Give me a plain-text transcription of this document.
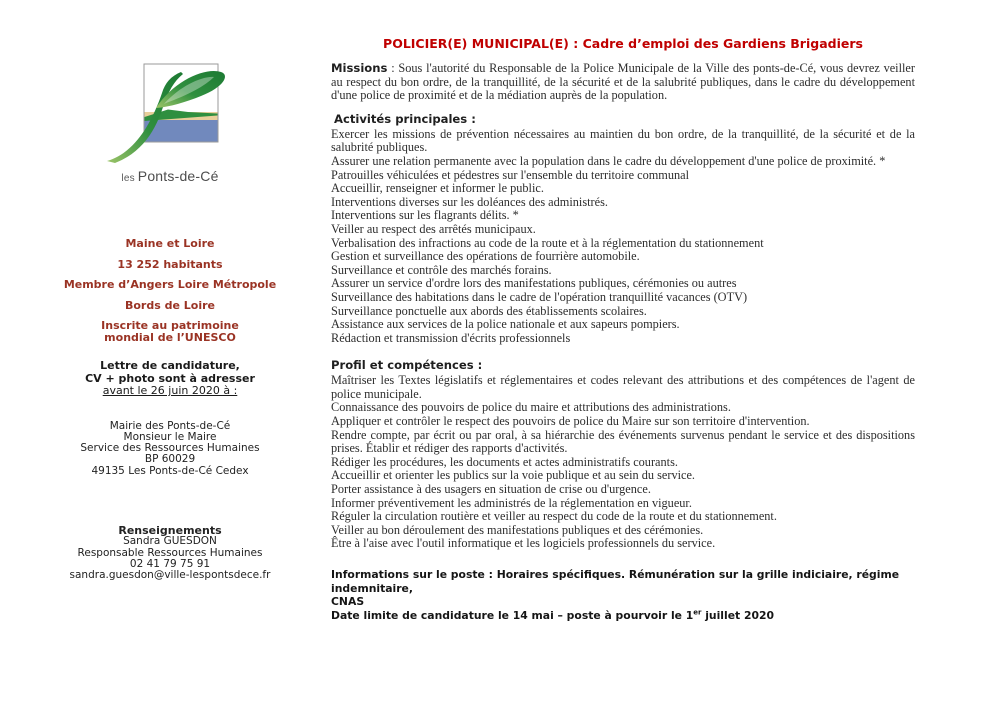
les Ponts-de-Cé
Maine et Loire
13 252 habitants
Membre d’Angers Loire Métropole
Bords de Loire
Inscrite au patrimoine
mondial de l’UNESCO
Lettre de candidature,
CV + photo sont à adresser
avant le 26 juin 2020 à :
Mairie des Ponts-de-Cé
Monsieur le Maire
Service des Ressources Humaines
BP 60029
49135 Les Ponts-de-Cé Cedex
Renseignements
Sandra GUESDON
Responsable Ressources Humaines
02 41 79 75 91
sandra.guesdon@ville-lespontsdece.fr
POLICIER(E) MUNICIPAL(E) : Cadre d’emploi des Gardiens Brigadiers

Missions : Sous l'autorité du Responsable de la Police Municipale de la Ville des ponts-de-Cé, vous devrez veiller au respect du bon ordre, de la tranquillité, de la sécurité et de la salubrité publiques, dans le cadre du développement d'une police de proximité et de la médiation auprès de la population.

Activités principales :

Exercer les missions de prévention nécessaires au maintien du bon ordre, de la tranquillité, de la sécurité et de la salubrité publiques.

Assurer une relation permanente avec la population dans le cadre du développement d'une police de proximité. *

Patrouilles véhiculées et pédestres sur l'ensemble du territoire communal

Accueillir, renseigner et informer le public.

Interventions diverses sur les doléances des administrés.

Interventions sur les flagrants délits. *

Veiller au respect des arrêtés municipaux.

Verbalisation des infractions au code de la route et à la réglementation du stationnement

Gestion et surveillance des opérations de fourrière automobile.

Surveillance et contrôle des marchés forains.

Assurer un service d'ordre lors des manifestations publiques, cérémonies ou autres

Surveillance des habitations dans le cadre de l'opération tranquillité vacances (OTV)

Surveillance ponctuelle aux abords des établissements scolaires.

Assistance aux services de la police nationale et aux sapeurs pompiers.

Rédaction et transmission d'écrits professionnels

Profil et compétences :

Maîtriser les Textes législatifs et réglementaires et codes relevant des attributions et des compétences de l'agent de police municipale.

Connaissance des pouvoirs de police du maire et attributions des administrations.

Appliquer et contrôler le respect des pouvoirs de police du Maire sur son territoire d'intervention.

Rendre compte, par écrit ou par oral, à sa hiérarchie des événements survenus pendant le service et des dispositions prises. Établir et rédiger des rapports d'activités.

Rédiger les procédures, les documents et actes administratifs courants.

Accueillir et orienter les publics sur la voie publique et au sein du service.

Porter assistance à des usagers en situation de crise ou d'urgence.

Informer préventivement les administrés de la réglementation en vigueur.

Réguler la circulation routière et veiller au respect du code de la route et du stationnement.

Veiller au bon déroulement des manifestations publiques et des cérémonies.

Être à l'aise avec l'outil informatique et les logiciels professionnels du service.

Informations sur le poste : Horaires spécifiques. Rémunération sur la grille indiciaire, régime indemnitaire,
CNAS
Date limite de candidature le 14 mai – poste à pourvoir le 1er juillet 2020
